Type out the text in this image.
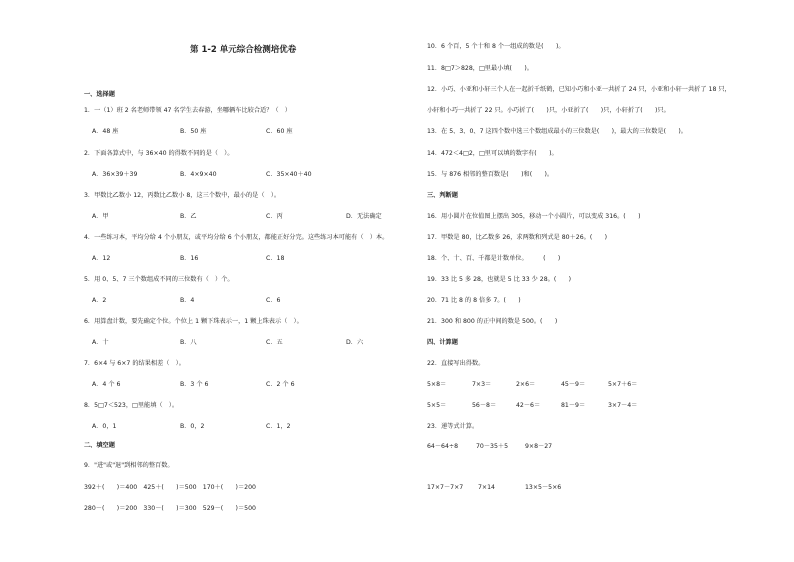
第 1-2 单元综合检测培优卷
一、选择题
1．一（1）班 2 名老师带领 47 名学生去春游，坐哪辆车比较合适？（　）
A．48 座	B．50 座	C．60 座
2．下面各算式中，与 36×40 的得数不同的是（　）。
A．36×39＋39	B．4×9×40	C．35×40＋40
3．甲数比乙数小 12，丙数比乙数小 8，这三个数中，最小的是（　）。
A．甲	B．乙	C．丙	D．无法确定
4．一些练习本，平均分给 4 个小朋友，或平均分给 6 个小朋友，都能正好分完。这些练习本可能有（　）本。
A．12	B．16	C．18
5．用 0、5、7 三个数组成不同的三位数有（　）个。
A．2	B．4	C．6
6．用算盘计数，要先确定个位。个位上 1 颗下珠表示一，1 颗上珠表示（　）。
A．十	B．八	C．五	D．六
7．6×4 与 6×7 的结果相差（　）。
A．4 个 6	B．3 个 6	C．2 个 6
8．5□7＜523，□里能填（　）。
A．0，1	B．0，2	C．1，2
二、填空题
9．"进"或"退"到相邻的整百数。
392＋(　　)＝400　425＋(　　)＝500　170＋(　　)＝200
280－(　　)＝200　330－(　　)＝300　529－(　　)＝500
10．6 个百，5 个十和 8 个一组成的数是(　　)。
11．8□7＞828，□里最小填(　　)。
12．小巧、小亚和小轩三个人在一起折千纸鹤，已知小巧和小亚一共折了 24 只，小亚和小轩一共折了 18 只，
小轩和小巧一共折了 22 只。小巧折了(　　)只，小亚折了(　　)只，小轩折了(　　)只。
13．在 5、3、0、7 这四个数中选三个数组成最小的三位数是(　　)，最大的三位数是(　　)。
14．472＜4□2，□里可以填的数字有(　　)。
15．与 876 相邻的整百数是(　　)和(　　)。
三、判断题
16．用小圆片在位值图上摆出 305，移动一个小圆片，可以变成 316。(　　)
17．甲数是 80，比乙数多 26，求两数和列式是 80＋26。(　　)
18．个、十、百、千都是计数单位。　　　(　　)
19．33 比 5 多 28，也就是 5 比 33 少 28。(　　)
20．71 比 8 的 8 倍多 7。(　　)
21．300 和 800 的正中间的数是 500。(　　)
四、计算题
22．直接写出得数。
5×8＝	7×3＝	2×6＝	45－9＝	5×7＋6＝
5×5＝	56－8＝	42－6＝	81－9＝	3×7－4＝
23．递等式计算。
64－64÷8	70－35＋5	9×8－27
17×7－7×7 7×14	13×5－5×6
